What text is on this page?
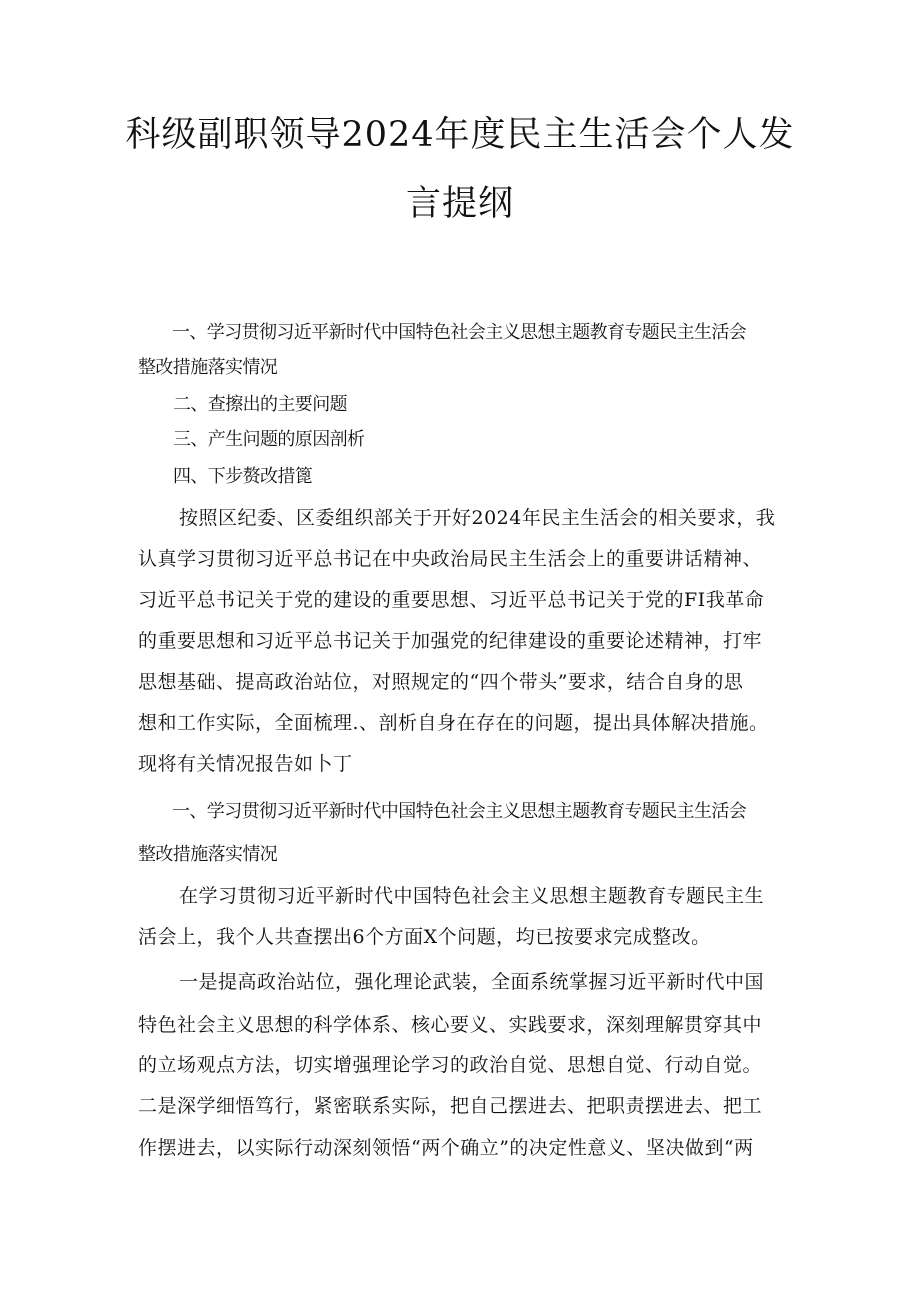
科级副职领导2024年度民主生活会个人发
言提纲
一、学习贯彻习近平新时代中国特色社会主义思想主题教育专题民主生活会
整改措施落实情况
二、查擦出的主要问题
三、产生问题的原因剖析
四、下步赘改措篦
按照区纪委、区委组织部关于开好2024年民主生活会的相关要求，我
认真学习贯彻习近平总书记在中央政治局民主生活会上的重要讲话精神、
习近平总书记关于党的建设的重要思想、习近平总书记关于党的FI我革命
的重要思想和习近平总书记关于加强党的纪律建设的重要论述精神，打牢
思想基础、提高政治站位，对照规定的“四个带头”要求，结合自身的思
想和工作实际，全面梳理.、剖析自身在存在的问题，提出具体解决措施。
现将有关情况报告如卜丁
一、学习贯彻习近平新时代中国特色社会主义思想主题教育专题民主生活会
整改措施落实情况
在学习贯彻习近平新时代中国特色社会主义思想主题教育专题民主生
活会上，我个人共查摆出6个方面X个问题，均已按要求完成整改。
一是提高政治站位，强化理论武装，全面系统掌握习近平新时代中国
特色社会主义思想的科学体系、核心要义、实践要求，深刻理解贯穿其中
的立场观点方法，切实增强理论学习的政治自觉、思想自觉、行动自觉。
二是深学细悟笃行，紧密联系实际，把自己摆进去、把职责摆进去、把工
作摆进去，以实际行动深刻领悟“两个确立”的决定性意义、坚决做到“两
